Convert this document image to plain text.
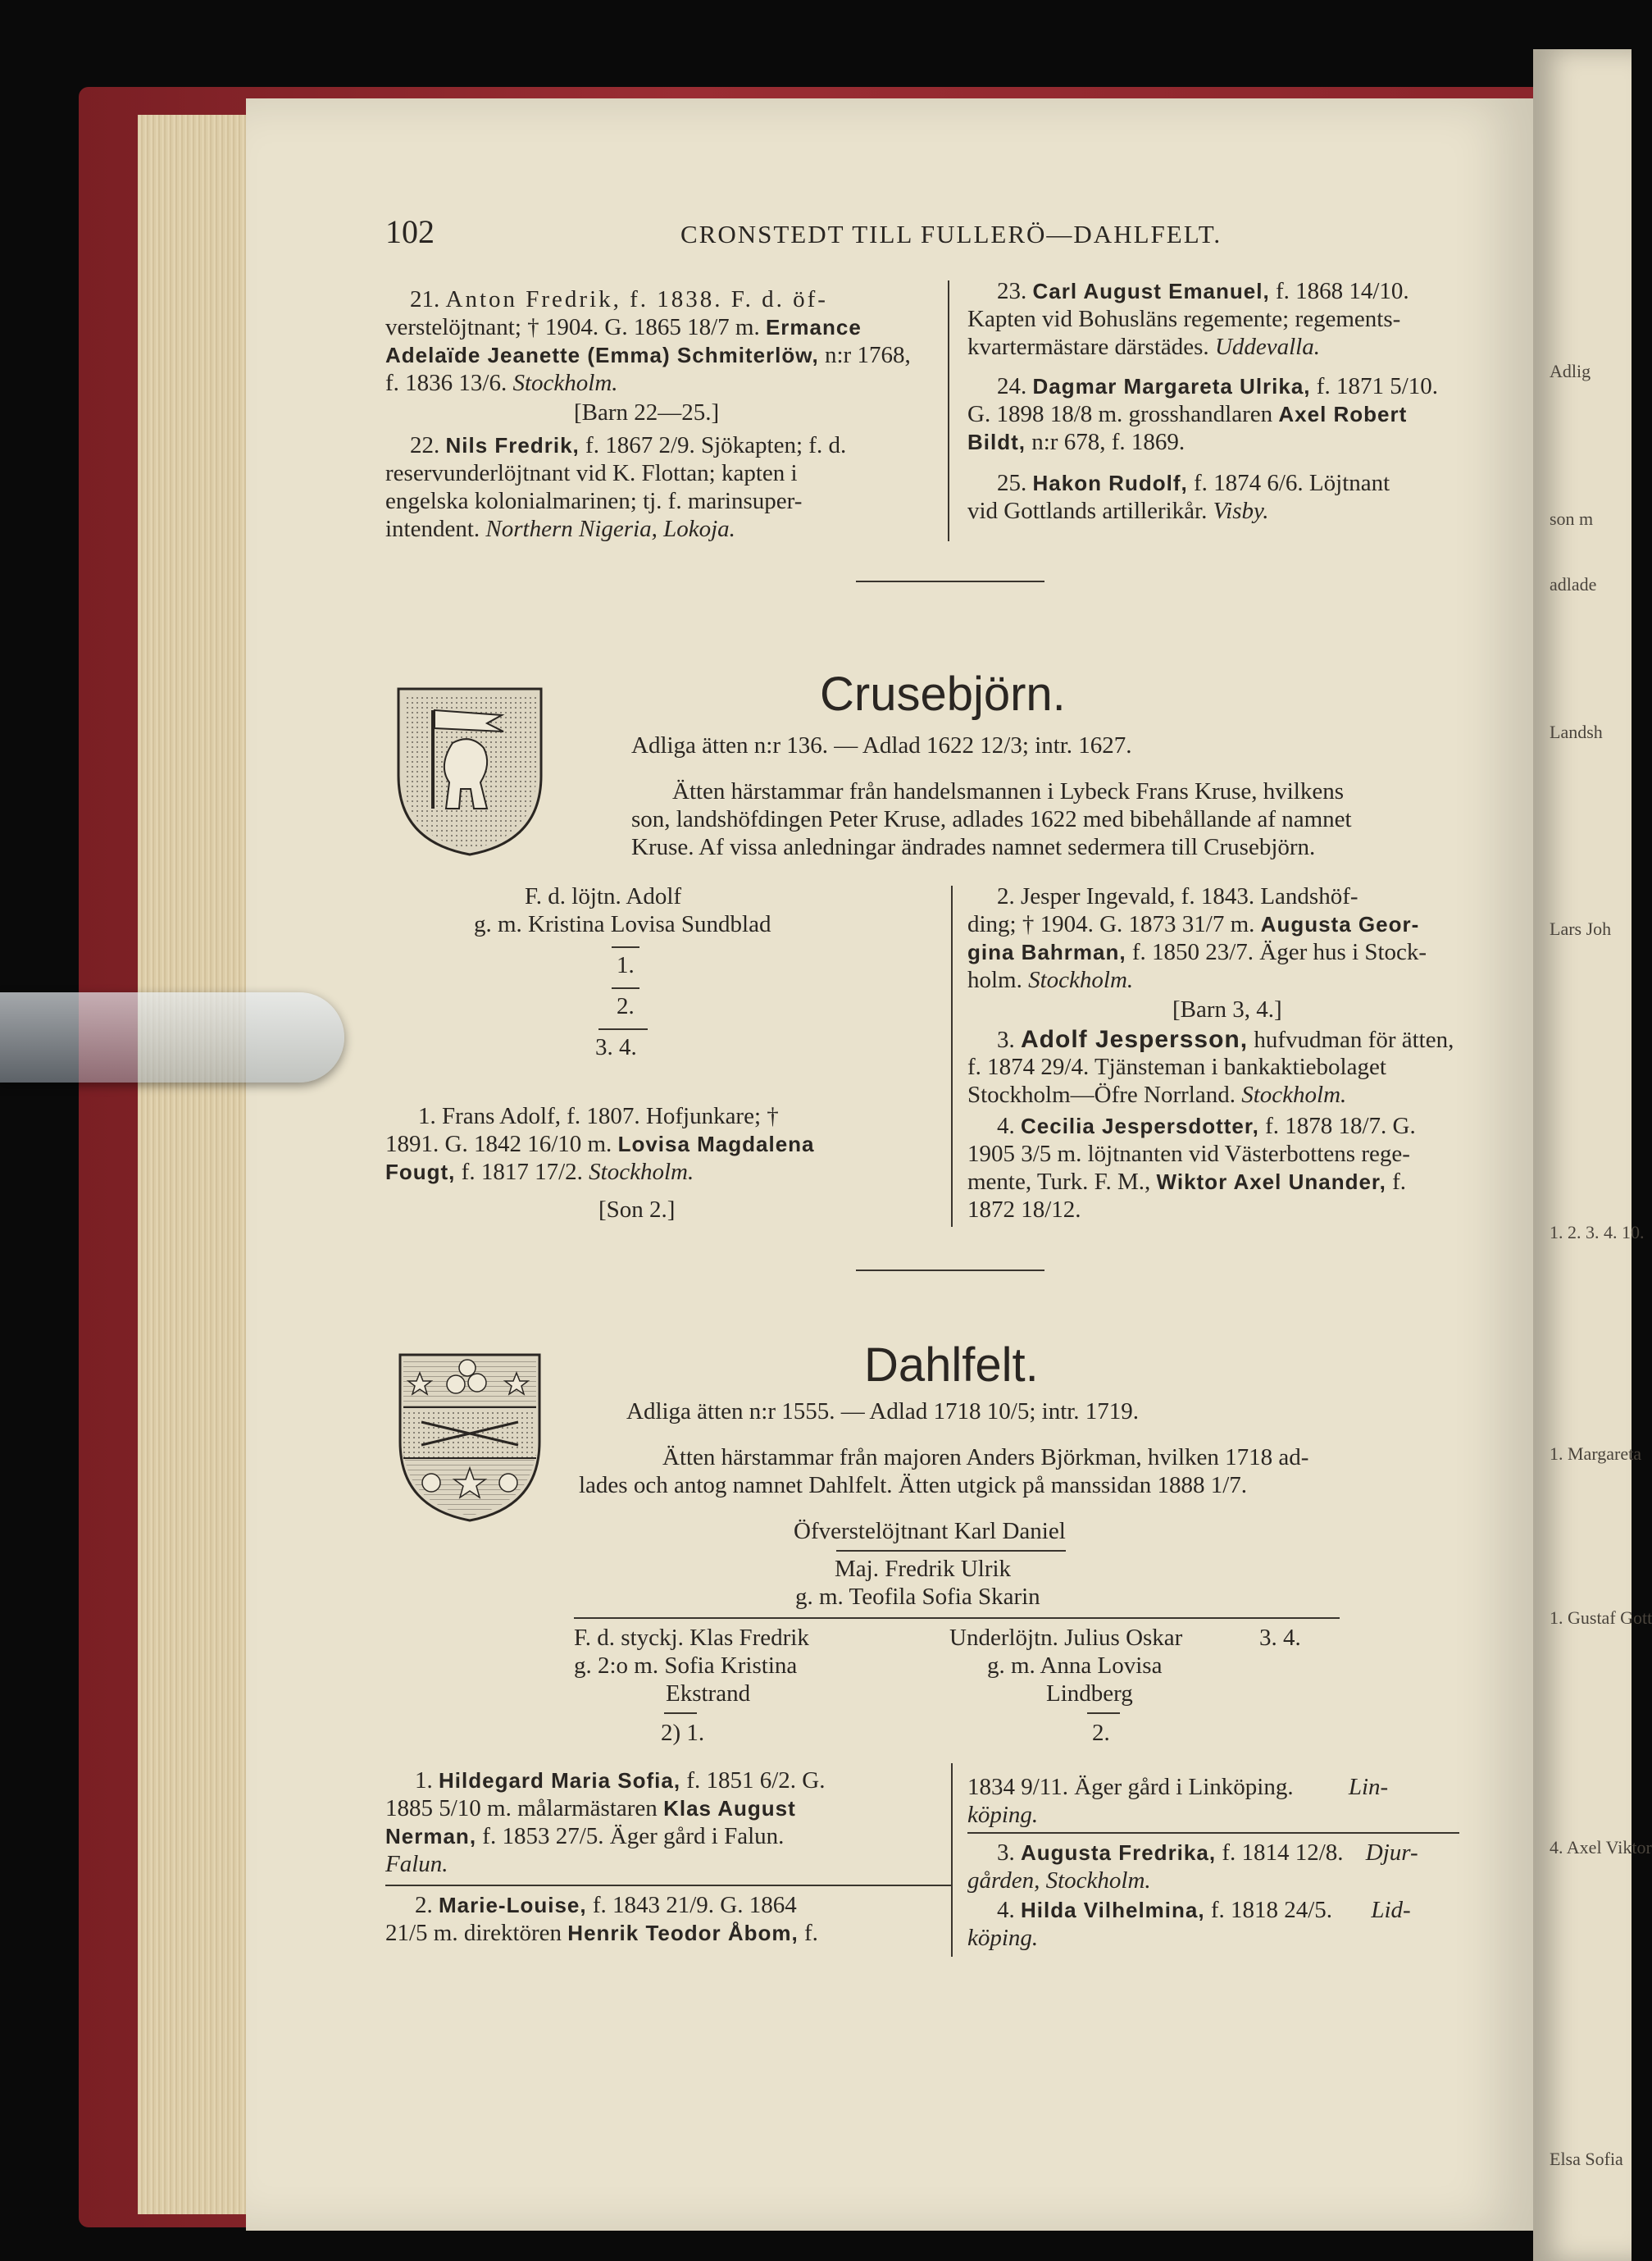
Adlig
son m
adlade
Landsh
Lars Joh
1. 2. 3. 4. 10.
1. Margareta
1. Gustaf Gott
4. Axel Viktor
Elsa Sofia
102	CRONSTEDT TILL FULLERÖ—DAHLFELT.
21. Anton Fredrik, f. 1838. F. d. öf-
verstelöjtnant; † 1904. G. 1865 18/7 m. Ermance
Adelaïde Jeanette (Emma) Schmiterlöw, n:r 1768,
f. 1836 13/6. Stockholm.
[Barn 22—25.]
22. Nils Fredrik, f. 1867 2/9. Sjökapten; f. d.
reservunderlöjtnant vid K. Flottan; kapten i
engelska kolonialmarinen; tj. f. marinsuper-
intendent. Northern Nigeria, Lokoja.
23. Carl August Emanuel, f. 1868 14/10.
Kapten vid Bohusläns regemente; regements-
kvartermästare därstädes. Uddevalla.
24. Dagmar Margareta Ulrika, f. 1871 5/10.
G. 1898 18/8 m. grosshandlaren Axel Robert
Bildt, n:r 678, f. 1869.
25. Hakon Rudolf, f. 1874 6/6. Löjtnant
vid Gottlands artillerikår. Visby.
Crusebjörn.
Adliga ätten n:r 136. — Adlad 1622 12/3; intr. 1627.
Ätten härstammar från handelsmannen i Lybeck Frans Kruse, hvilkens
son, landshöfdingen Peter Kruse, adlades 1622 med bibehållande af namnet
Kruse. Af vissa anledningar ändrades namnet sedermera till Crusebjörn.
F. d. löjtn. Adolf
g. m. Kristina Lovisa Sundblad
1.
2.
3. 4.
1. Frans Adolf, f. 1807. Hofjunkare; †
1891. G. 1842 16/10 m. Lovisa Magdalena
Fougt, f. 1817 17/2. Stockholm.
[Son 2.]
2. Jesper Ingevald, f. 1843. Landshöf-
ding; † 1904. G. 1873 31/7 m. Augusta Geor-
gina Bahrman, f. 1850 23/7. Äger hus i Stock-
holm. Stockholm.
[Barn 3, 4.]
3. Adolf Jespersson, hufvudman för ätten,
f. 1874 29/4. Tjänsteman i bankaktiebolaget
Stockholm—Öfre Norrland. Stockholm.
4. Cecilia Jespersdotter, f. 1878 18/7. G.
1905 3/5 m. löjtnanten vid Västerbottens rege-
mente, Turk. F. M., Wiktor Axel Unander, f.
1872 18/12.
Dahlfelt.
Adliga ätten n:r 1555. — Adlad 1718 10/5; intr. 1719.
Ätten härstammar från majoren Anders Björkman, hvilken 1718 ad-
lades och antog namnet Dahlfelt. Ätten utgick på manssidan 1888 1/7.
Öfverstelöjtnant Karl Daniel
Maj. Fredrik Ulrik
g. m. Teofila Sofia Skarin
F. d. styckj. Klas Fredrik
g. 2:o m. Sofia Kristina
Ekstrand
2) 1.
Underlöjtn. Julius Oskar
g. m. Anna Lovisa
Lindberg
2.
3. 4.
1. Hildegard Maria Sofia, f. 1851 6/2. G.
1885 5/10 m. målarmästaren Klas August
Nerman, f. 1853 27/5. Äger gård i Falun.
Falun.
2. Marie-Louise, f. 1843 21/9. G. 1864
21/5 m. direktören Henrik Teodor Åbom, f.
1834 9/11. Äger gård i Linköping. Lin-
köping.
3. Augusta Fredrika, f. 1814 12/8. Djur-
gården, Stockholm.
4. Hilda Vilhelmina, f. 1818 24/5. Lid-
köping.
